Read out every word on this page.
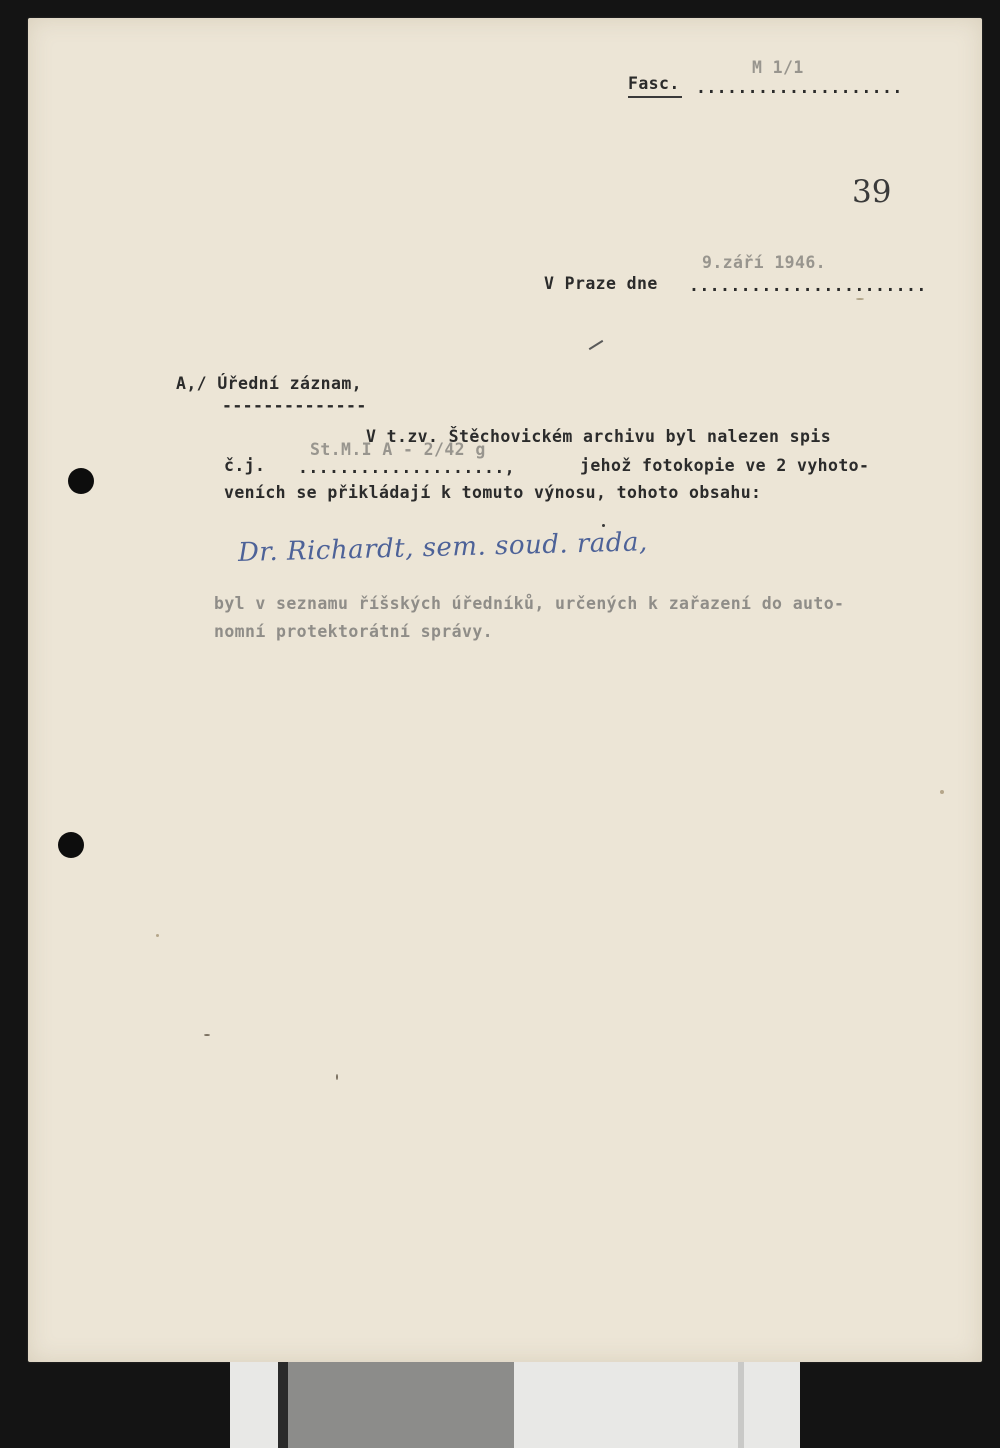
Fasc. ....................
M 1/1
39
9.září 1946.
V Praze dne .......................
A,/ Úřední záznam,
--------------
V t.zv. Štěchovickém archivu byl nalezen spis
č.j.
St.M.I A - 2/42 g
....................,	jehož fotokopie ve 2 vyhoto-
veních se přikládají k tomuto výnosu, tohoto obsahu:
Dr. Richardt, sem. soud. rada,
byl v seznamu říšských úředníků, určených k zařazení do auto-
nomní protektorátní správy.
